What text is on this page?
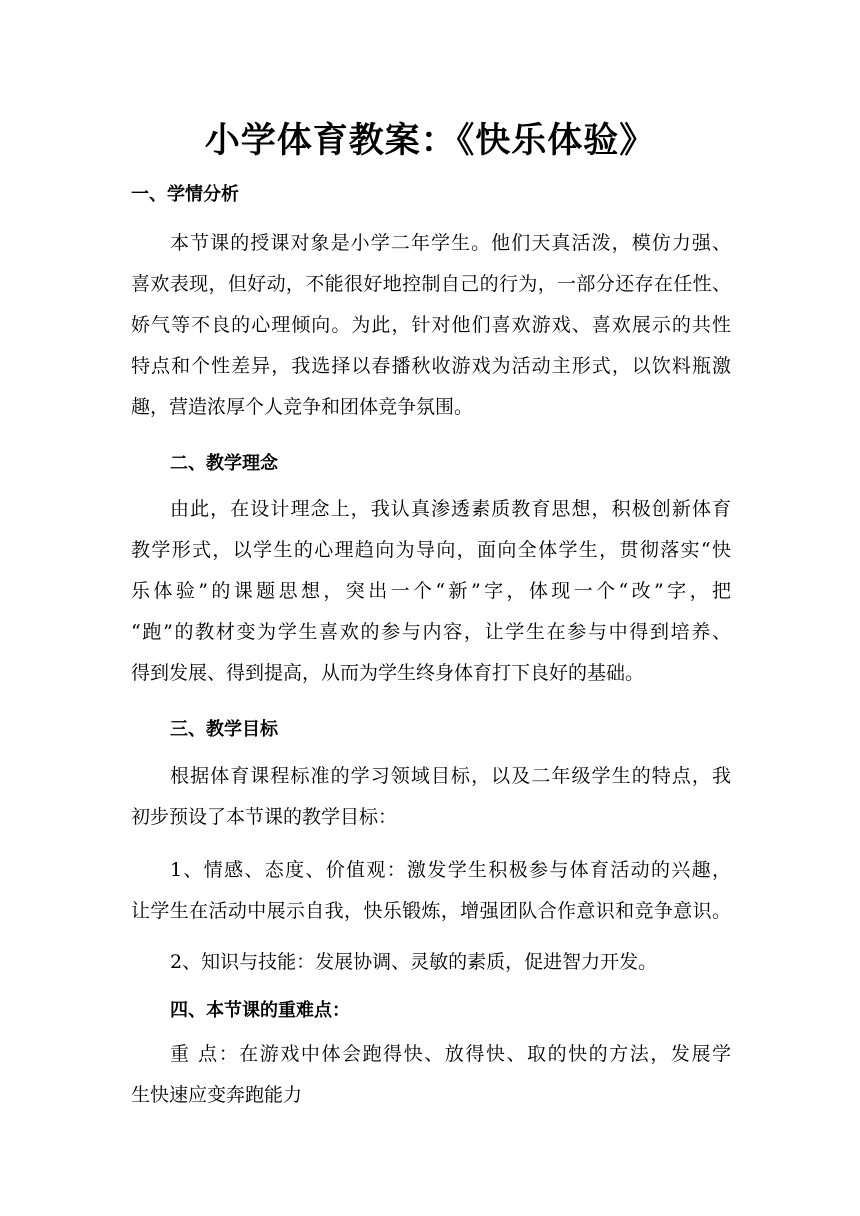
小学体育教案：《快乐体验》
一、学情分析
本节课的授课对象是小学二年学生。他们天真活泼，模仿力强、
喜欢表现，但好动，不能很好地控制自己的行为，一部分还存在任性、
娇气等不良的心理倾向。为此，针对他们喜欢游戏、喜欢展示的共性
特点和个性差异，我选择以春播秋收游戏为活动主形式，以饮料瓶激
趣，营造浓厚个人竞争和团体竞争氛围。
二、教学理念
由此，在设计理念上，我认真渗透素质教育思想，积极创新体育
教学形式，以学生的心理趋向为导向，面向全体学生，贯彻落实“快
乐体验”的课题思想，突出一个“新”字，体现一个“改”字，把
“跑”的教材变为学生喜欢的参与内容，让学生在参与中得到培养、
得到发展、得到提高，从而为学生终身体育打下良好的基础。
三、教学目标
根据体育课程标准的学习领域目标，以及二年级学生的特点，我
初步预设了本节课的教学目标：
1、情感、态度、价值观：激发学生积极参与体育活动的兴趣，
让学生在活动中展示自我，快乐锻炼，增强团队合作意识和竞争意识。
2、知识与技能：发展协调、灵敏的素质，促进智力开发。
四、本节课的重难点：
重 点：在游戏中体会跑得快、放得快、取的快的方法，发展学
生快速应变奔跑能力
